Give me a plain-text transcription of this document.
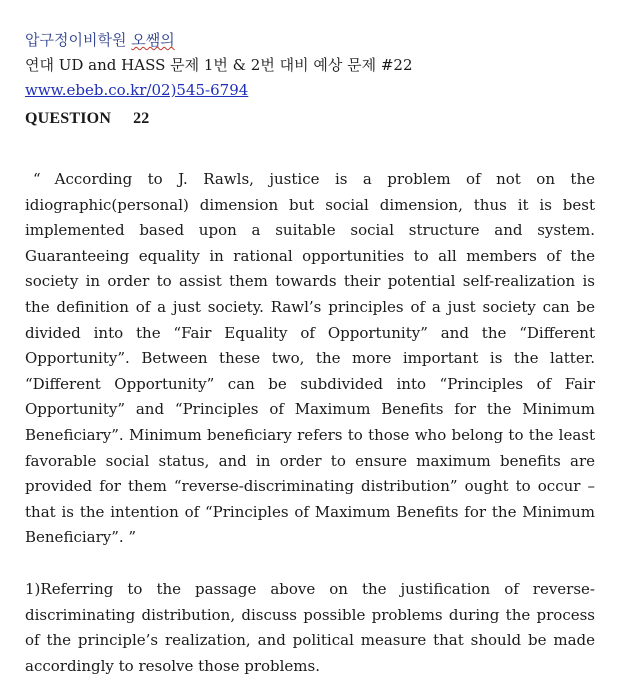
압구정이비학원 오쌤의
연대 UD and HASS 문제 1번 & 2번 대비 예상 문제 #22
www.ebeb.co.kr/02)545-6794
QUESTION 22
“ According to J. Rawls, justice is a problem of not on the idiographic(personal) dimension but social dimension, thus it is best implemented based upon a suitable social structure and system. Guaranteeing equality in rational opportunities to all members of the society in order to assist them towards their potential self-realization is the definition of a just society. Rawl’s principles of a just society can be divided into the “Fair Equality of Opportunity” and the “Different Opportunity”. Between these two, the more important is the latter. “Different Opportunity” can be subdivided into “Principles of Fair Opportunity” and “Principles of Maximum Benefits for the Minimum Beneficiary”. Minimum beneficiary refers to those who belong to the least favorable social status, and in order to ensure maximum benefits are provided for them “reverse-discriminating distribution” ought to occur – that is the intention of “Principles of Maximum Benefits for the Minimum Beneficiary”. ”
1)Referring to the passage above on the justification of reverse-discriminating distribution, discuss possible problems during the process of the principle’s realization, and political measure that should be made accordingly to resolve those problems.
